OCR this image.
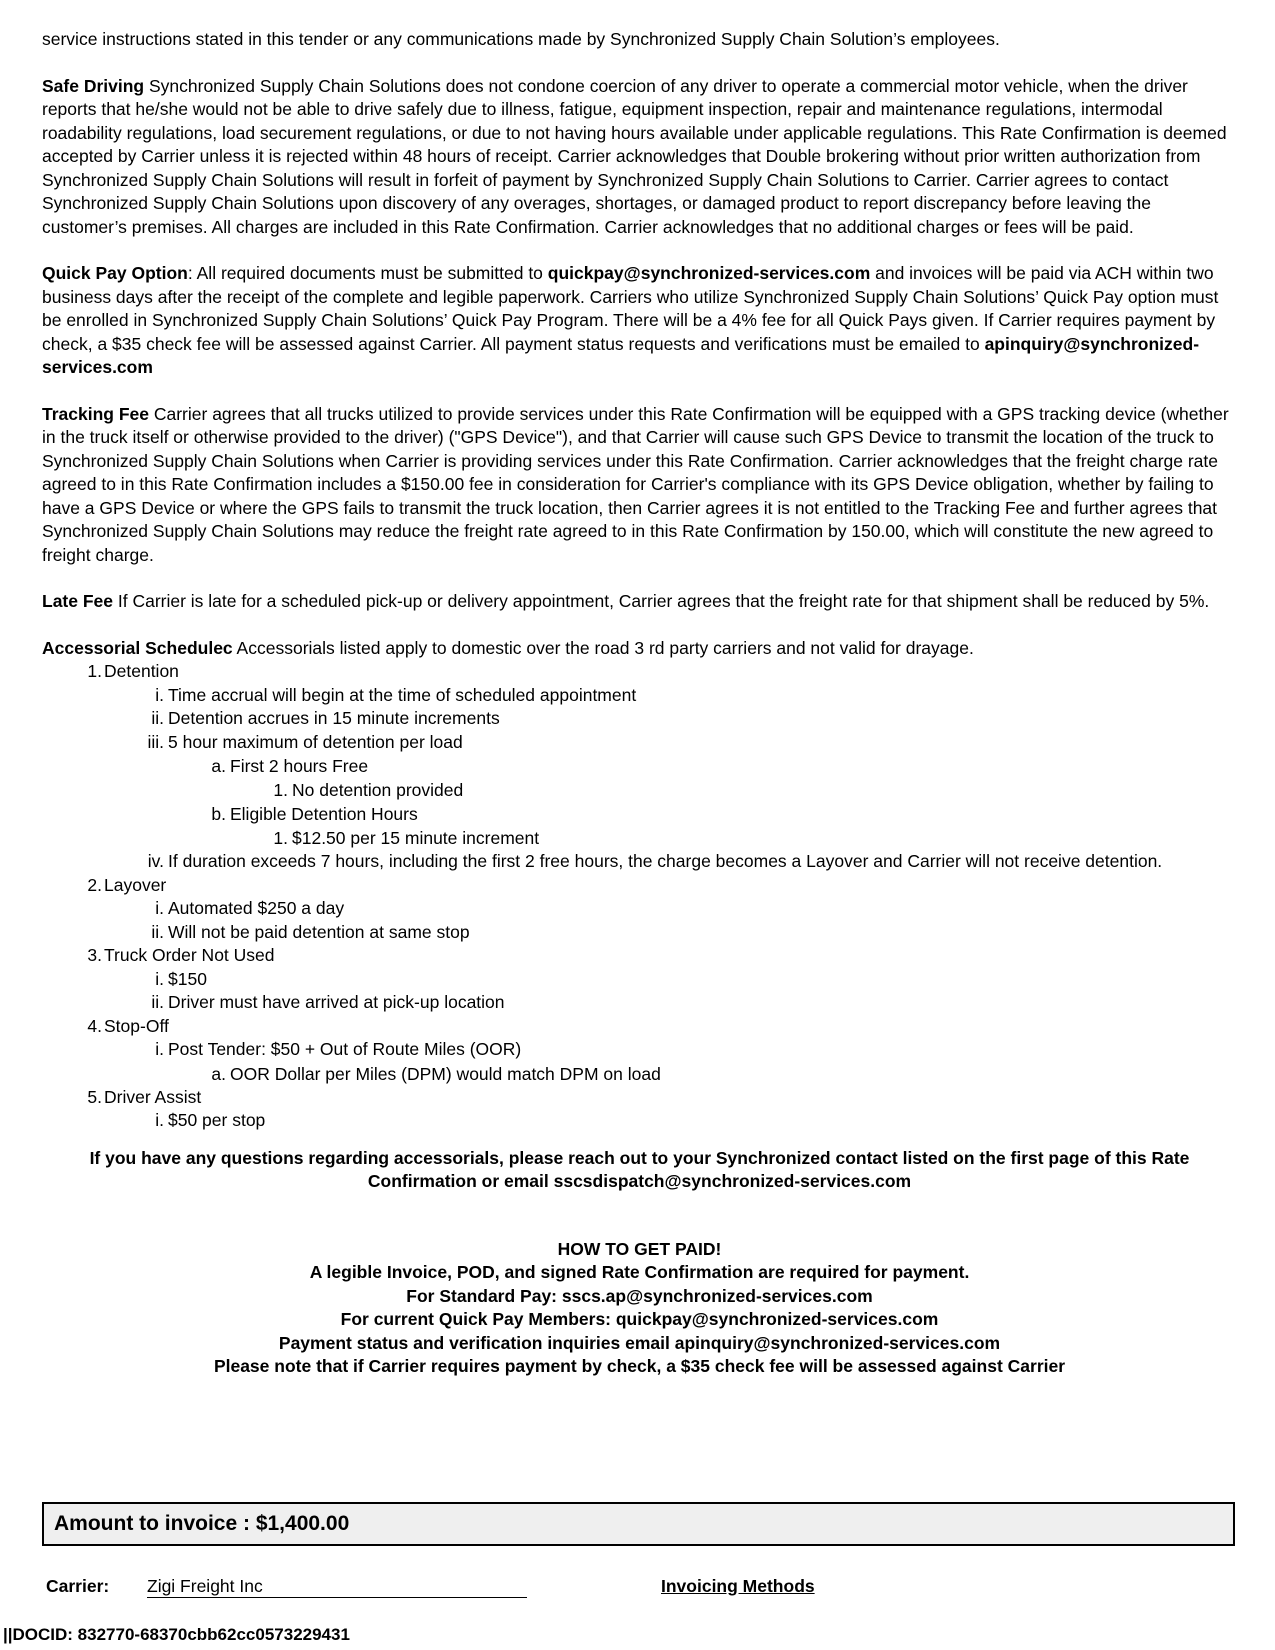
service instructions stated in this tender or any communications made by Synchronized Supply Chain Solution’s employees.

Safe Driving Synchronized Supply Chain Solutions does not condone coercion of any driver to operate a commercial motor vehicle, when the driver reports that he/she would not be able to drive safely due to illness, fatigue, equipment inspection, repair and maintenance regulations, intermodal roadability regulations, load securement regulations, or due to not having hours available under applicable regulations. This Rate Confirmation is deemed accepted by Carrier unless it is rejected within 48 hours of receipt. Carrier acknowledges that Double brokering without prior written authorization from Synchronized Supply Chain Solutions will result in forfeit of payment by Synchronized Supply Chain Solutions to Carrier. Carrier agrees to contact Synchronized Supply Chain Solutions upon discovery of any overages, shortages, or damaged product to report discrepancy before leaving the customer’s premises. All charges are included in this Rate Confirmation. Carrier acknowledges that no additional charges or fees will be paid.

Quick Pay Option: All required documents must be submitted to quickpay@synchronized-services.com and invoices will be paid via ACH within two business days after the receipt of the complete and legible paperwork. Carriers who utilize Synchronized Supply Chain Solutions’ Quick Pay option must be enrolled in Synchronized Supply Chain Solutions’ Quick Pay Program. There will be a 4% fee for all Quick Pays given. If Carrier requires payment by check, a $35 check fee will be assessed against Carrier. All payment status requests and verifications must be emailed to apinquiry@synchronized-services.com

Tracking Fee Carrier agrees that all trucks utilized to provide services under this Rate Confirmation will be equipped with a GPS tracking device (whether in the truck itself or otherwise provided to the driver) ("GPS Device"), and that Carrier will cause such GPS Device to transmit the location of the truck to Synchronized Supply Chain Solutions when Carrier is providing services under this Rate Confirmation. Carrier acknowledges that the freight charge rate agreed to in this Rate Confirmation includes a $150.00 fee in consideration for Carrier's compliance with its GPS Device obligation, whether by failing to have a GPS Device or where the GPS fails to transmit the truck location, then Carrier agrees it is not entitled to the Tracking Fee and further agrees that Synchronized Supply Chain Solutions may reduce the freight rate agreed to in this Rate Confirmation by 150.00, which will constitute the new agreed to freight charge.

Late Fee If Carrier is late for a scheduled pick-up or delivery appointment, Carrier agrees that the freight rate for that shipment shall be reduced by 5%.

Accessorial Schedulec Accessorials listed apply to domestic over the road 3 rd party carriers and not valid for drayage.

1. Detention
i. Time accrual will begin at the time of scheduled appointment
ii. Detention accrues in 15 minute increments
iii. 5 hour maximum of detention per load
a. First 2 hours Free
1. No detention provided
b. Eligible Detention Hours
1. $12.50 per 15 minute increment
iv. If duration exceeds 7 hours, including the first 2 free hours, the charge becomes a Layover and Carrier will not receive detention.
2. Layover
i. Automated $250 a day
ii. Will not be paid detention at same stop
3. Truck Order Not Used
i. $150
ii. Driver must have arrived at pick-up location
4. Stop-Off
i. Post Tender: $50 + Out of Route Miles (OOR)
a. OOR Dollar per Miles (DPM) would match DPM on load
5. Driver Assist
i. $50 per stop
If you have any questions regarding accessorials, please reach out to your Synchronized contact listed on the first page of this Rate
Confirmation or email sscsdispatch@synchronized-services.com
HOW TO GET PAID!
A legible Invoice, POD, and signed Rate Confirmation are required for payment.
For Standard Pay: sscs.ap@synchronized-services.com
For current Quick Pay Members: quickpay@synchronized-services.com
Payment status and verification inquiries email apinquiry@synchronized-services.com
Please note that if Carrier requires payment by check, a $35 check fee will be assessed against Carrier
Amount to invoice : $1,400.00
Carrier: Zigi Freight Inc	Invoicing Methods
||DOCID: 832770-68370cbb62cc0573229431
